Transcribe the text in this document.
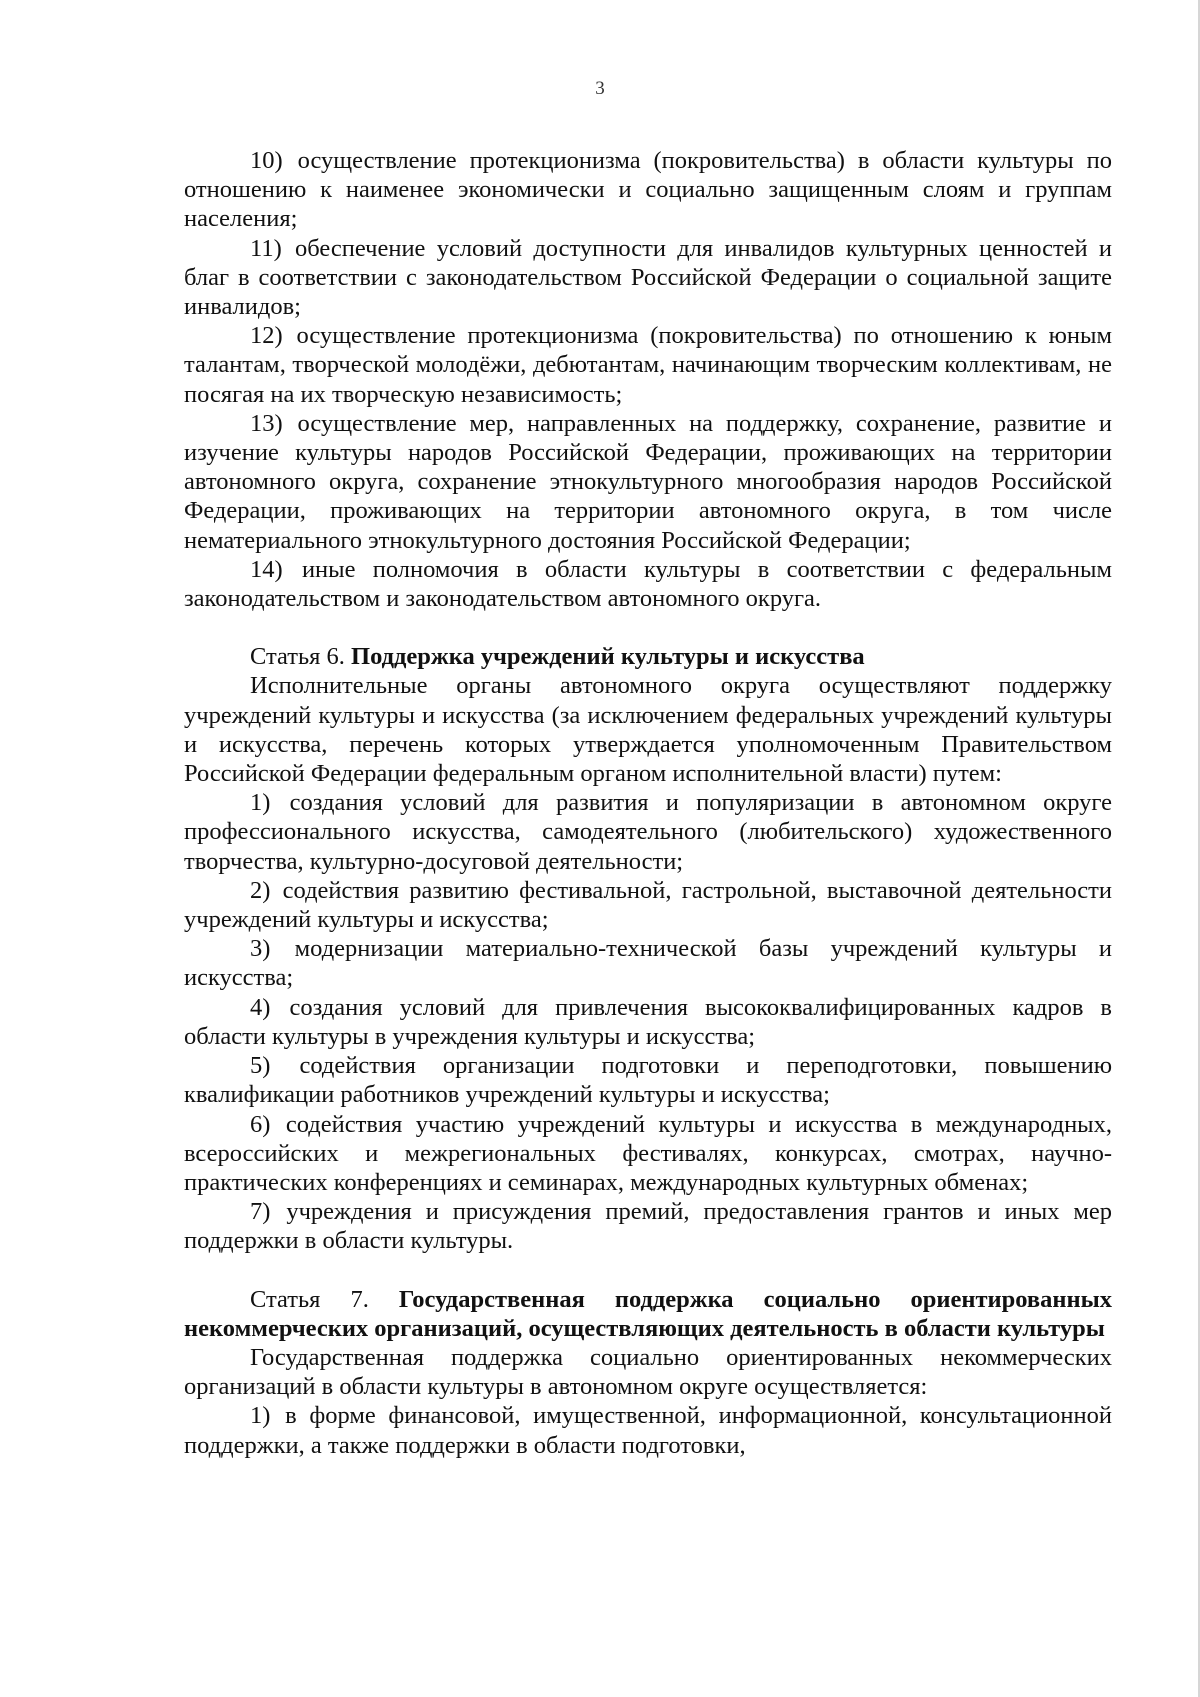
3

10) осуществление протекционизма (покровительства) в области культуры по отношению к наименее экономически и социально защищенным слоям и группам населения;

11) обеспечение условий доступности для инвалидов культурных ценностей и благ в соответствии с законодательством Российской Федерации о социальной защите инвалидов;

12) осуществление протекционизма (покровительства) по отношению к юным талантам, творческой молодёжи, дебютантам, начинающим творческим коллективам, не посягая на их творческую независимость;

13) осуществление мер, направленных на поддержку, сохранение, развитие и изучение культуры народов Российской Федерации, проживающих на территории автономного округа, сохранение этнокультурного многообразия народов Российской Федерации, проживающих на территории автономного округа, в том числе нематериального этнокультурного достояния Российской Федерации;

14) иные полномочия в области культуры в соответствии с федеральным законодательством и законодательством автономного округа.

Статья 6. Поддержка учреждений культуры и искусства

Исполнительные органы автономного округа осуществляют поддержку учреждений культуры и искусства (за исключением федеральных учреждений культуры и искусства, перечень которых утверждается уполномоченным Правительством Российской Федерации федеральным органом исполнительной власти) путем:

1) создания условий для развития и популяризации в автономном округе профессионального искусства, самодеятельного (любительского) художественного творчества, культурно-досуговой деятельности;

2) содействия развитию фестивальной, гастрольной, выставочной деятельности учреждений культуры и искусства;

3) модернизации материально-технической базы учреждений культуры и искусства;

4) создания условий для привлечения высококвалифицированных кадров в области культуры в учреждения культуры и искусства;

5) содействия организации подготовки и переподготовки, повышению квалификации работников учреждений культуры и искусства;

6) содействия участию учреждений культуры и искусства в международных, всероссийских и межрегиональных фестивалях, конкурсах, смотрах, научно-практических конференциях и семинарах, международных культурных обменах;

7) учреждения и присуждения премий, предоставления грантов и иных мер поддержки в области культуры.

Статья 7. Государственная поддержка социально ориентированных некоммерческих организаций, осуществляющих деятельность в области культуры

Государственная поддержка социально ориентированных некоммерческих организаций в области культуры в автономном округе осуществляется:

1) в форме финансовой, имущественной, информационной, консультационной поддержки, а также поддержки в области подготовки,
